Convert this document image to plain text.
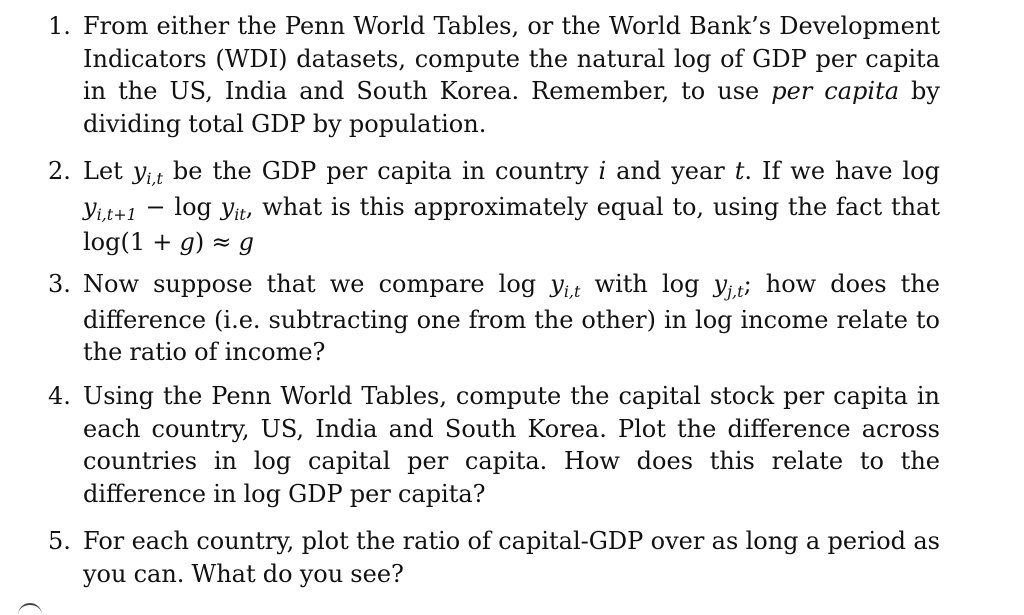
1. From either the Penn World Tables, or the World Bank’s Development Indicators (WDI) datasets, compute the natural log of GDP per capita in the US, India and South Korea. Remember, to use per capita by dividing total GDP by population.

2. Let $y_{i,t}$ be the GDP per capita in country i and year t. If we have $\log y_{i,t+1} - \log y_{it}$, what is this approximately equal to, using the fact that log(1 + g) ≈ g

3. Now suppose that we compare $\log y_{i,t}$ with $\log y_{j,t}$; how does the difference (i.e. subtracting one from the other) in log income relate to the ratio of income?

4. Using the Penn World Tables, compute the capital stock per capita in each country, US, India and South Korea. Plot the difference across countries in log capital per capita. How does this relate to the difference in log GDP per capita?

5. For each country, plot the ratio of capital-GDP over as long a period as you can. What do you see?
